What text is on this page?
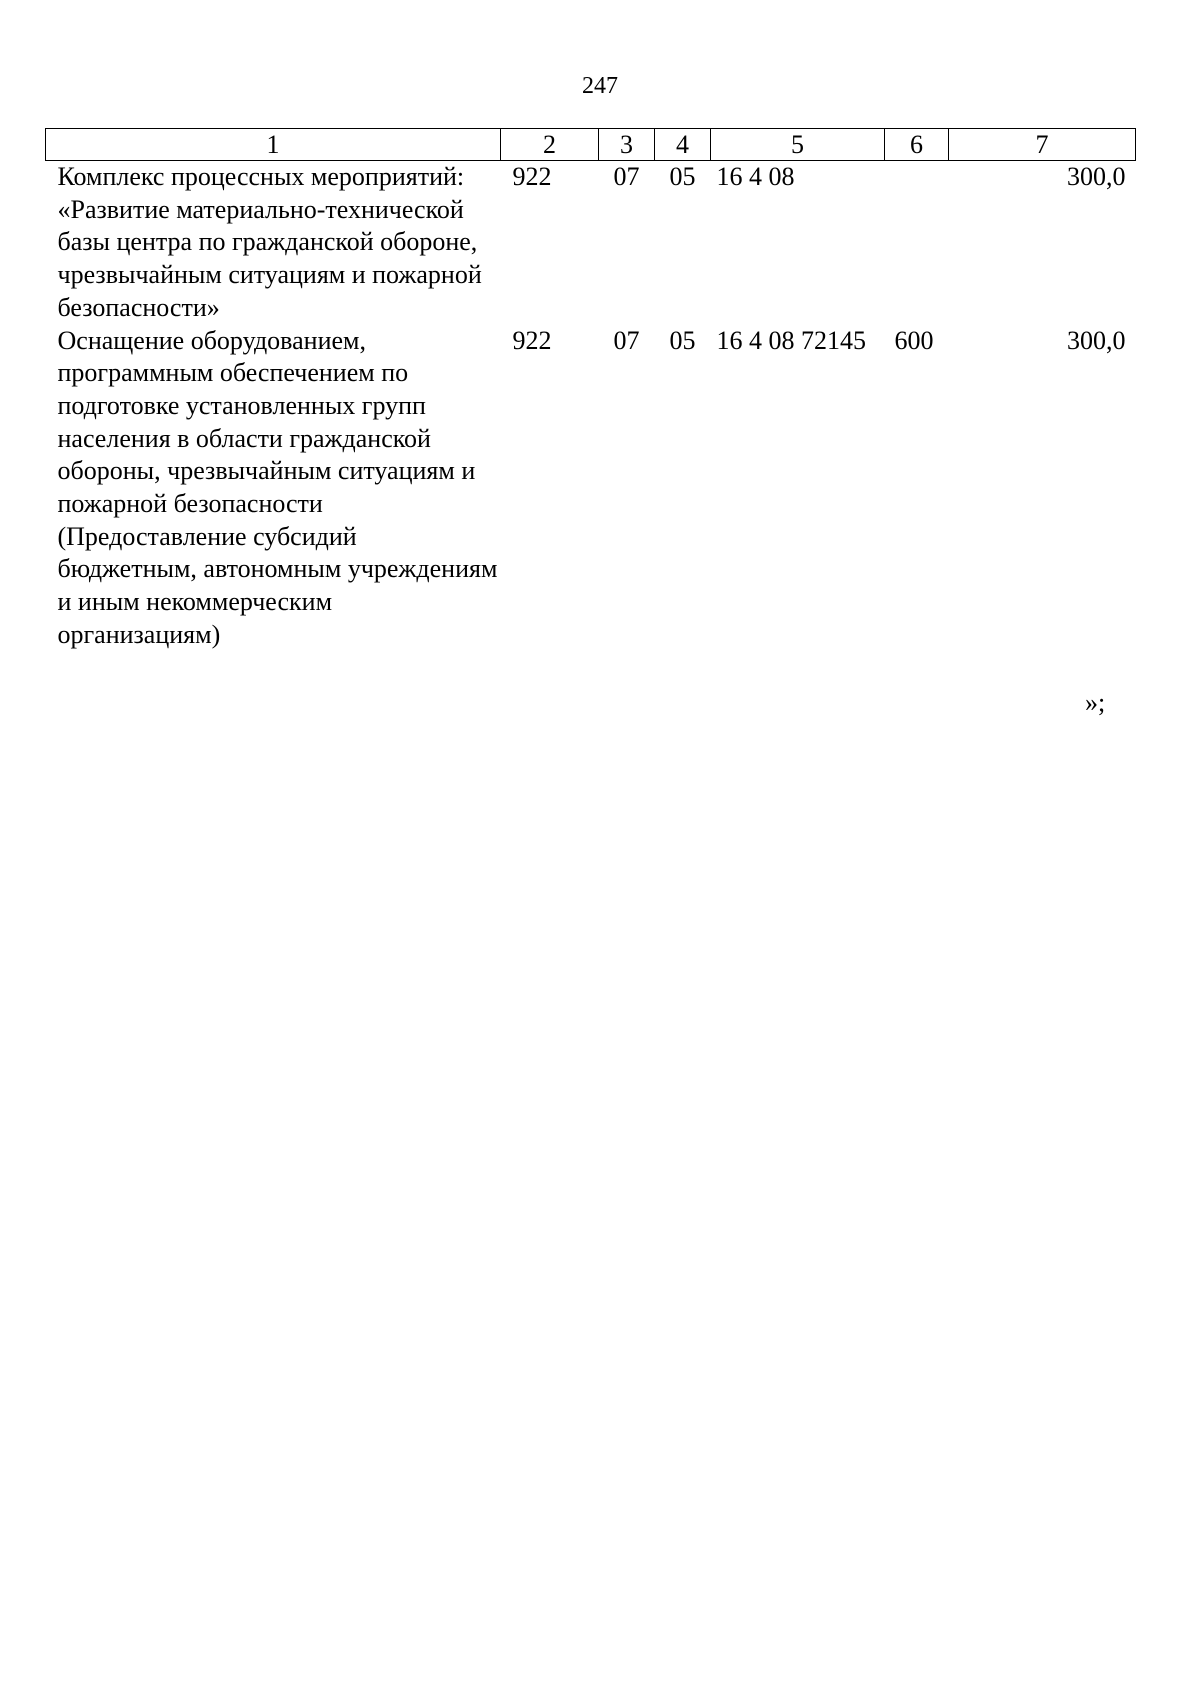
247
1	2	3	4	5	6	7
Комплекс процессных мероприятий: «Развитие материально-технической базы центра по гражданской обороне, чрезвычайным ситуациям и пожарной безопасности»	922	07	05	16 4 08		300,0
Оснащение оборудованием, программным обеспечением по подготовке установленных групп населения в области гражданской обороны, чрезвычайным ситуациям и пожарной безопасности (Предоставление субсидий бюджетным, автономным учреждениям и иным некоммерческим организациям)	922	07	05	16 4 08 72145	600	300,0
»;
